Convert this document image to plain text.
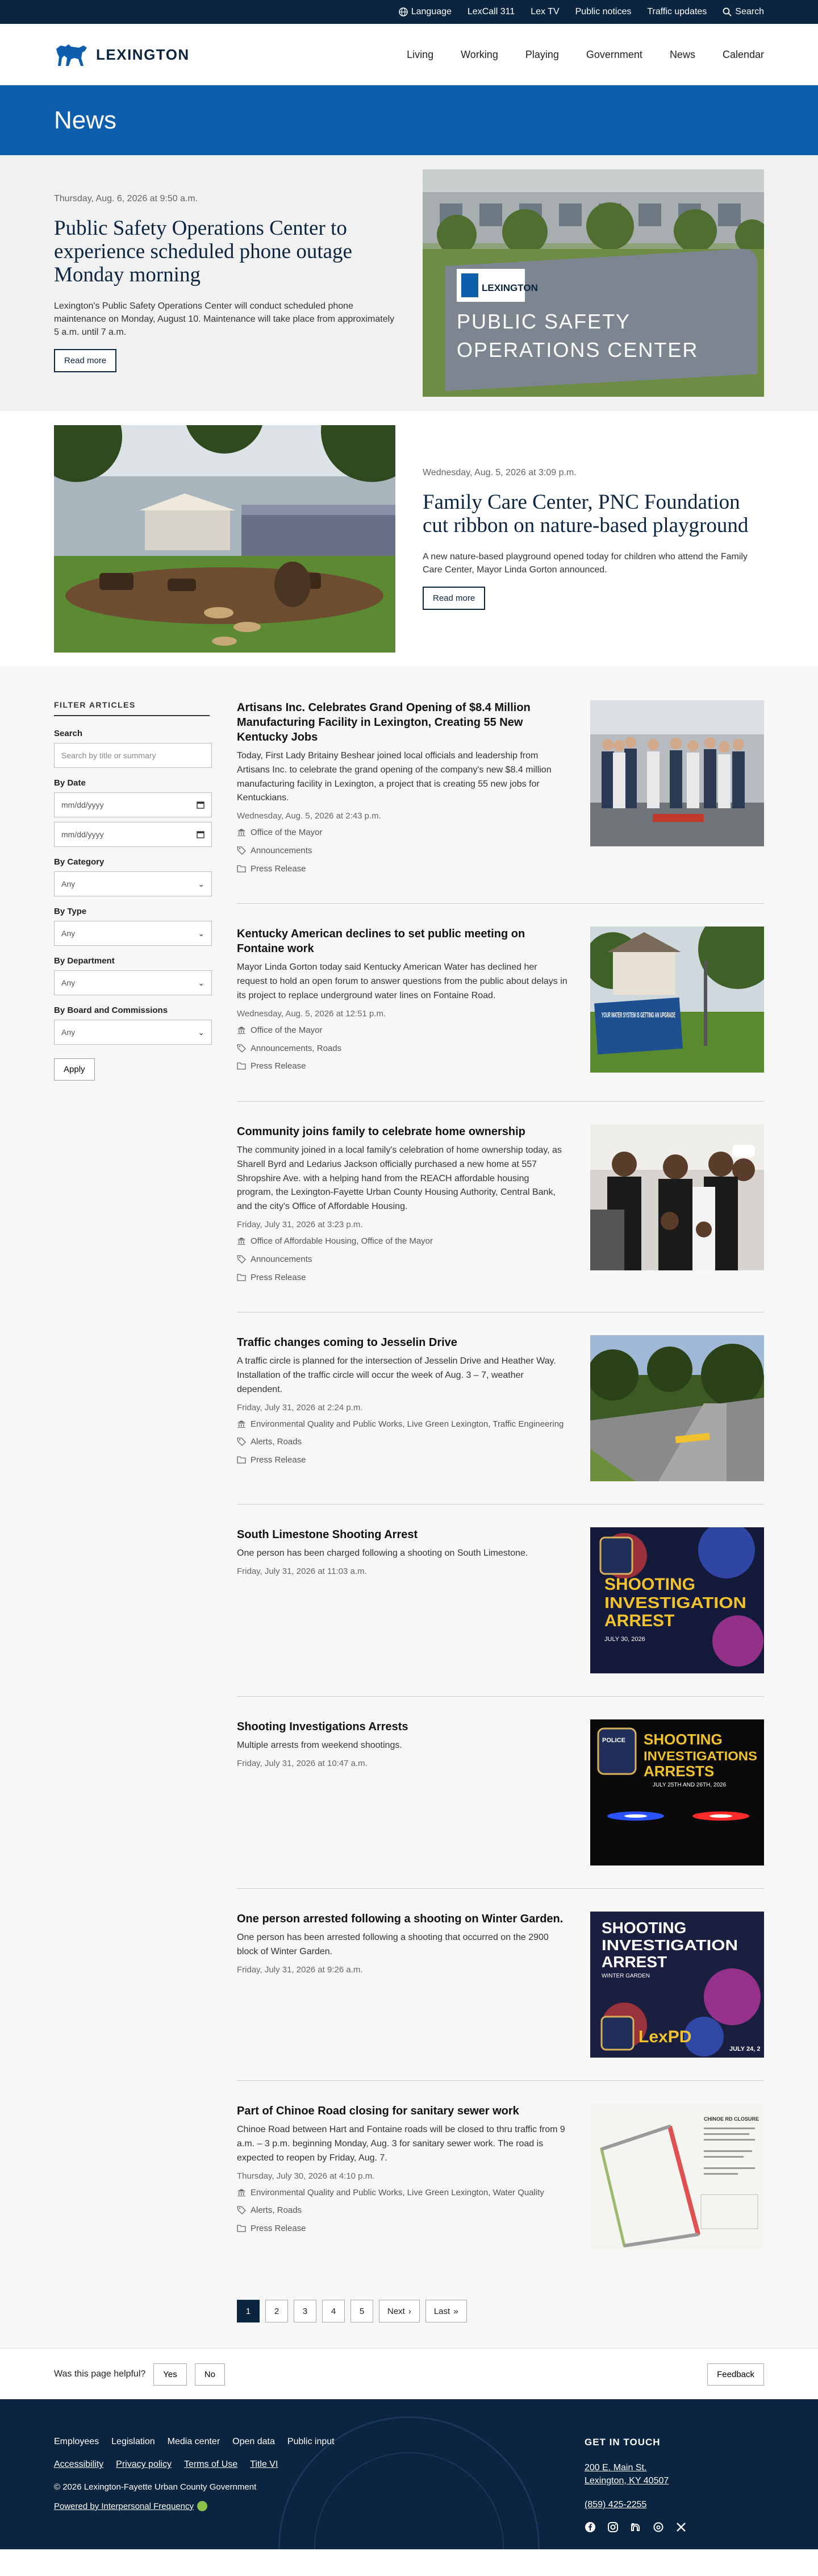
Language LexCall 311 Lex TV Public notices Traffic updates	Search
LEXINGTON	Living	Working	Playing	Government	News	Calendar
News
Thursday, Aug. 6, 2026 at 9:50 a.m.
Public Safety Operations Center to experience scheduled phone outage Monday morning

Lexington's Public Safety Operations Center will conduct scheduled phone maintenance on Monday, August 10. Maintenance will take place from approximately 5 a.m. until 7 a.m.

Read more
LEXINGTON
PUBLIC SAFETY
OPERATIONS CENTER
Wednesday, Aug. 5, 2026 at 3:09 p.m.
Family Care Center, PNC Foundation cut ribbon on nature-based playground

A new nature-based playground opened today for children who attend the Family Care Center, Mayor Linda Gorton announced.

Read more
FILTER ARTICLES
Search
Search by title or summary
By Date
mm/dd/yyyy
mm/dd/yyyy
By Category
Any	⌄
By Type
Any	⌄
By Department
Any	⌄
By Board and Commissions
Any	⌄
Apply
Artisans Inc. Celebrates Grand Opening of $8.4 Million Manufacturing Facility in Lexington, Creating 55 New Kentucky Jobs

Today, First Lady Britainy Beshear joined local officials and leadership from Artisans Inc. to celebrate the grand opening of the company's new $8.4 million manufacturing facility in Lexington, a project that is creating 55 new jobs for Kentuckians.

Wednesday, Aug. 5, 2026 at 2:43 p.m.
Office of the Mayor
Announcements
Press Release
Kentucky American declines to set public meeting on Fontaine work

Mayor Linda Gorton today said Kentucky American Water has declined her request to hold an open forum to answer questions from the public about delays in its project to replace underground water lines on Fontaine Road.

Wednesday, Aug. 5, 2026 at 12:51 p.m.
Office of the Mayor
Announcements, Roads
Press Release
YOUR WATER SYSTEM IS GETTING AN UPGRADE
Community joins family to celebrate home ownership

The community joined in a local family's celebration of home ownership today, as Sharell Byrd and Ledarius Jackson officially purchased a new home at 557 Shropshire Ave. with a helping hand from the REACH affordable housing program, the Lexington-Fayette Urban County Housing Authority, Central Bank, and the city's Office of Affordable Housing.

Friday, July 31, 2026 at 3:23 p.m.
Office of Affordable Housing, Office of the Mayor
Announcements
Press Release
Traffic changes coming to Jesselin Drive

A traffic circle is planned for the intersection of Jesselin Drive and Heather Way. Installation of the traffic circle will occur the week of Aug. 3 – 7, weather dependent.

Friday, July 31, 2026 at 2:24 p.m.
Environmental Quality and Public Works, Live Green Lexington, Traffic Engineering
Alerts, Roads
Press Release
South Limestone Shooting Arrest

One person has been charged following a shooting on South Limestone.

Friday, July 31, 2026 at 11:03 a.m.
SHOOTING
INVESTIGATION
ARREST
JULY 30, 2026
Shooting Investigations Arrests

Multiple arrests from weekend shootings.

Friday, July 31, 2026 at 10:47 a.m.
POLICE SHOOTING
INVESTIGATIONS
ARRESTS
JULY 25TH AND 26TH, 2026
One person arrested following a shooting on Winter Garden.

One person has been arrested following a shooting that occurred on the 2900 block of Winter Garden.

Friday, July 31, 2026 at 9:26 a.m.
SHOOTING
INVESTIGATION
ARREST
WINTER GARDEN
JULY 24, 2
LexPD
Part of Chinoe Road closing for sanitary sewer work

Chinoe Road between Hart and Fontaine roads will be closed to thru traffic from 9 a.m. – 3 p.m. beginning Monday, Aug. 3 for sanitary sewer work. The road is expected to reopen by Friday, Aug. 7.

Thursday, July 30, 2026 at 4:10 p.m.
Environmental Quality and Public Works, Live Green Lexington, Water Quality
Alerts, Roads
Press Release
CHINOE RD CLOSURE
1	2	3	4	5	Next ›	Last »
Was this page helpful?	Yes	No	Feedback
Employees Legislation Media center Open data Public input
Accessibility Privacy policy Terms of Use Title VI
© 2026 Lexington-Fayette Urban County Government
Powered by Interpersonal Frequency
GET IN TOUCH
200 E. Main St.
Lexington, KY 40507
(859) 425-2255
